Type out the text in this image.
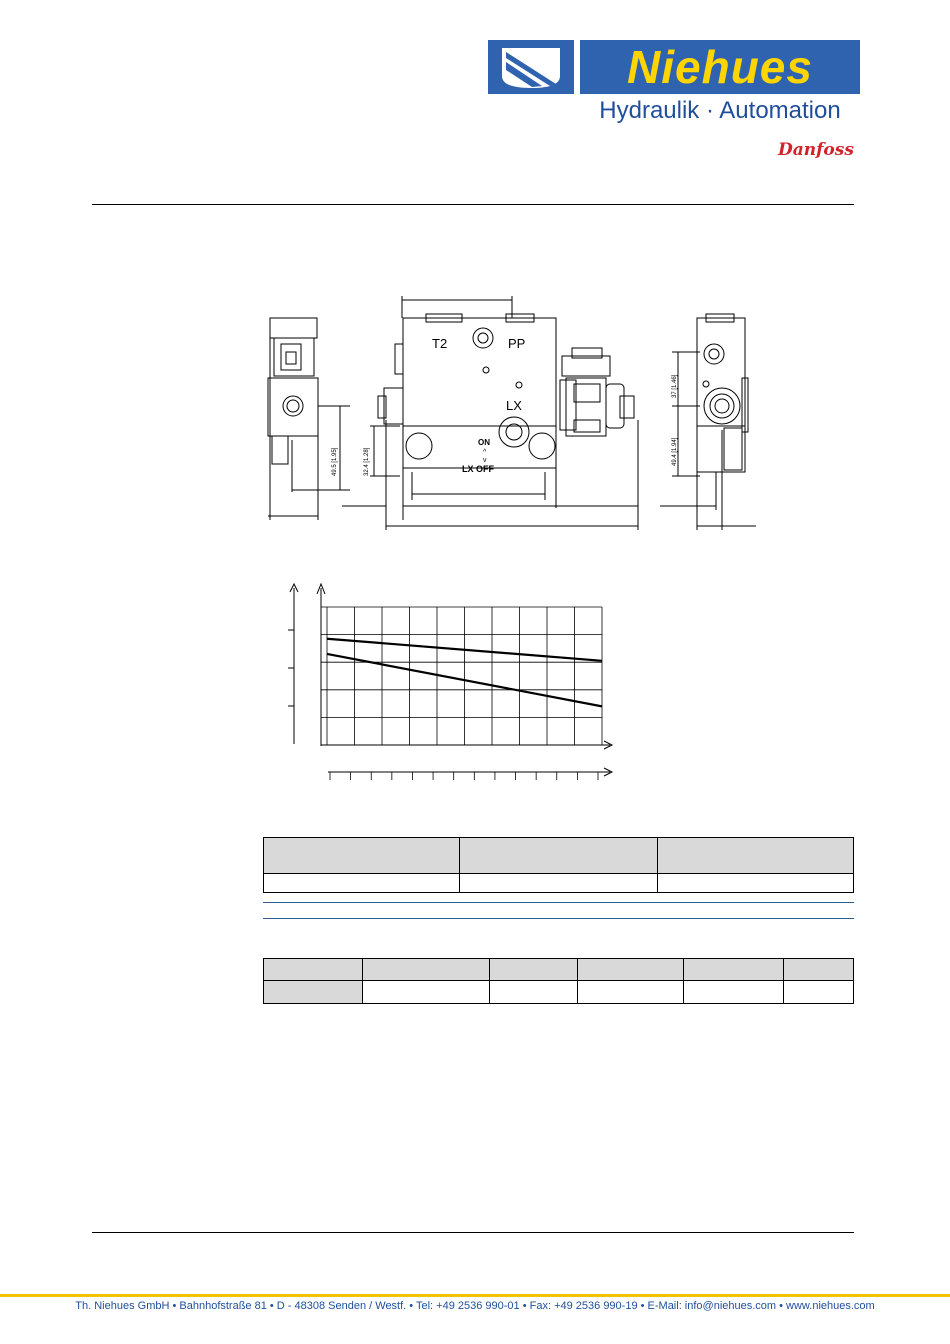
Niehues
Hydraulik · Automation
Danfoss
T2	PP
LX
ON
^
v
LX OFF
49.5 [1.95]	32.4 [1.28]
37 [1.46]
49.4 [1.94]

Th. Niehues GmbH • Bahnhofstraße 81 • D - 48308 Senden / Westf. • Tel: +49 2536 990-01 • Fax: +49 2536 990-19 • E-Mail: info@niehues.com • www.niehues.com
